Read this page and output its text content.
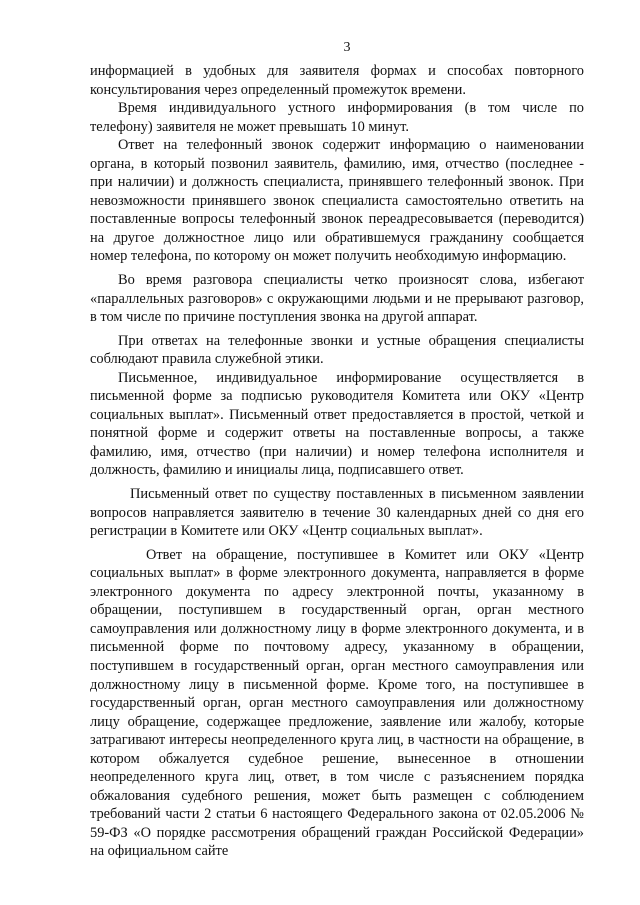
3

информацией в удобных для заявителя формах и способах повторного консультирования через определенный промежуток времени.

Время индивидуального устного информирования (в том числе по телефону) заявителя не может превышать 10 минут.

Ответ на телефонный звонок содержит информацию о наименовании органа, в который позвонил заявитель, фамилию, имя, отчество (последнее - при наличии) и должность специалиста, принявшего телефонный звонок. При невозможности принявшего звонок специалиста самостоятельно ответить на поставленные вопросы телефонный звонок переадресовывается (переводится) на другое должностное лицо или обратившемуся гражданину сообщается номер телефона, по которому он может получить необходимую информацию.

Во время разговора специалисты четко произносят слова, избегают «параллельных разговоров» с окружающими людьми и не прерывают разговор, в том числе по причине поступления звонка на другой аппарат.

При ответах на телефонные звонки и устные обращения специалисты соблюдают правила служебной этики.

Письменное, индивидуальное информирование осуществляется в письменной форме за подписью руководителя Комитета или ОКУ «Центр социальных выплат». Письменный ответ предоставляется в простой, четкой и понятной форме и содержит ответы на поставленные вопросы, а также фамилию, имя, отчество (при наличии) и номер телефона исполнителя и должность, фамилию и инициалы лица, подписавшего ответ.

Письменный ответ по существу поставленных в письменном заявлении вопросов направляется заявителю в течение 30 календарных дней со дня его регистрации в Комитете или ОКУ «Центр социальных выплат».

Ответ на обращение, поступившее в Комитет или ОКУ «Центр социальных выплат» в форме электронного документа, направляется в форме электронного документа по адресу электронной почты, указанному в обращении, поступившем в государственный орган, орган местного самоуправления или должностному лицу в форме электронного документа, и в письменной форме по почтовому адресу, указанному в обращении, поступившем в государственный орган, орган местного самоуправления или должностному лицу в письменной форме. Кроме того, на поступившее в государственный орган, орган местного самоуправления или должностному лицу обращение, содержащее предложение, заявление или жалобу, которые затрагивают интересы неопределенного круга лиц, в частности на обращение, в котором обжалуется судебное решение, вынесенное в отношении неопределенного круга лиц, ответ, в том числе с разъяснением порядка обжалования судебного решения, может быть размещен с соблюдением требований части 2 статьи 6 настоящего Федерального закона от 02.05.2006 № 59-ФЗ «О порядке рассмотрения обращений граждан Российской Федерации» на официальном сайте
